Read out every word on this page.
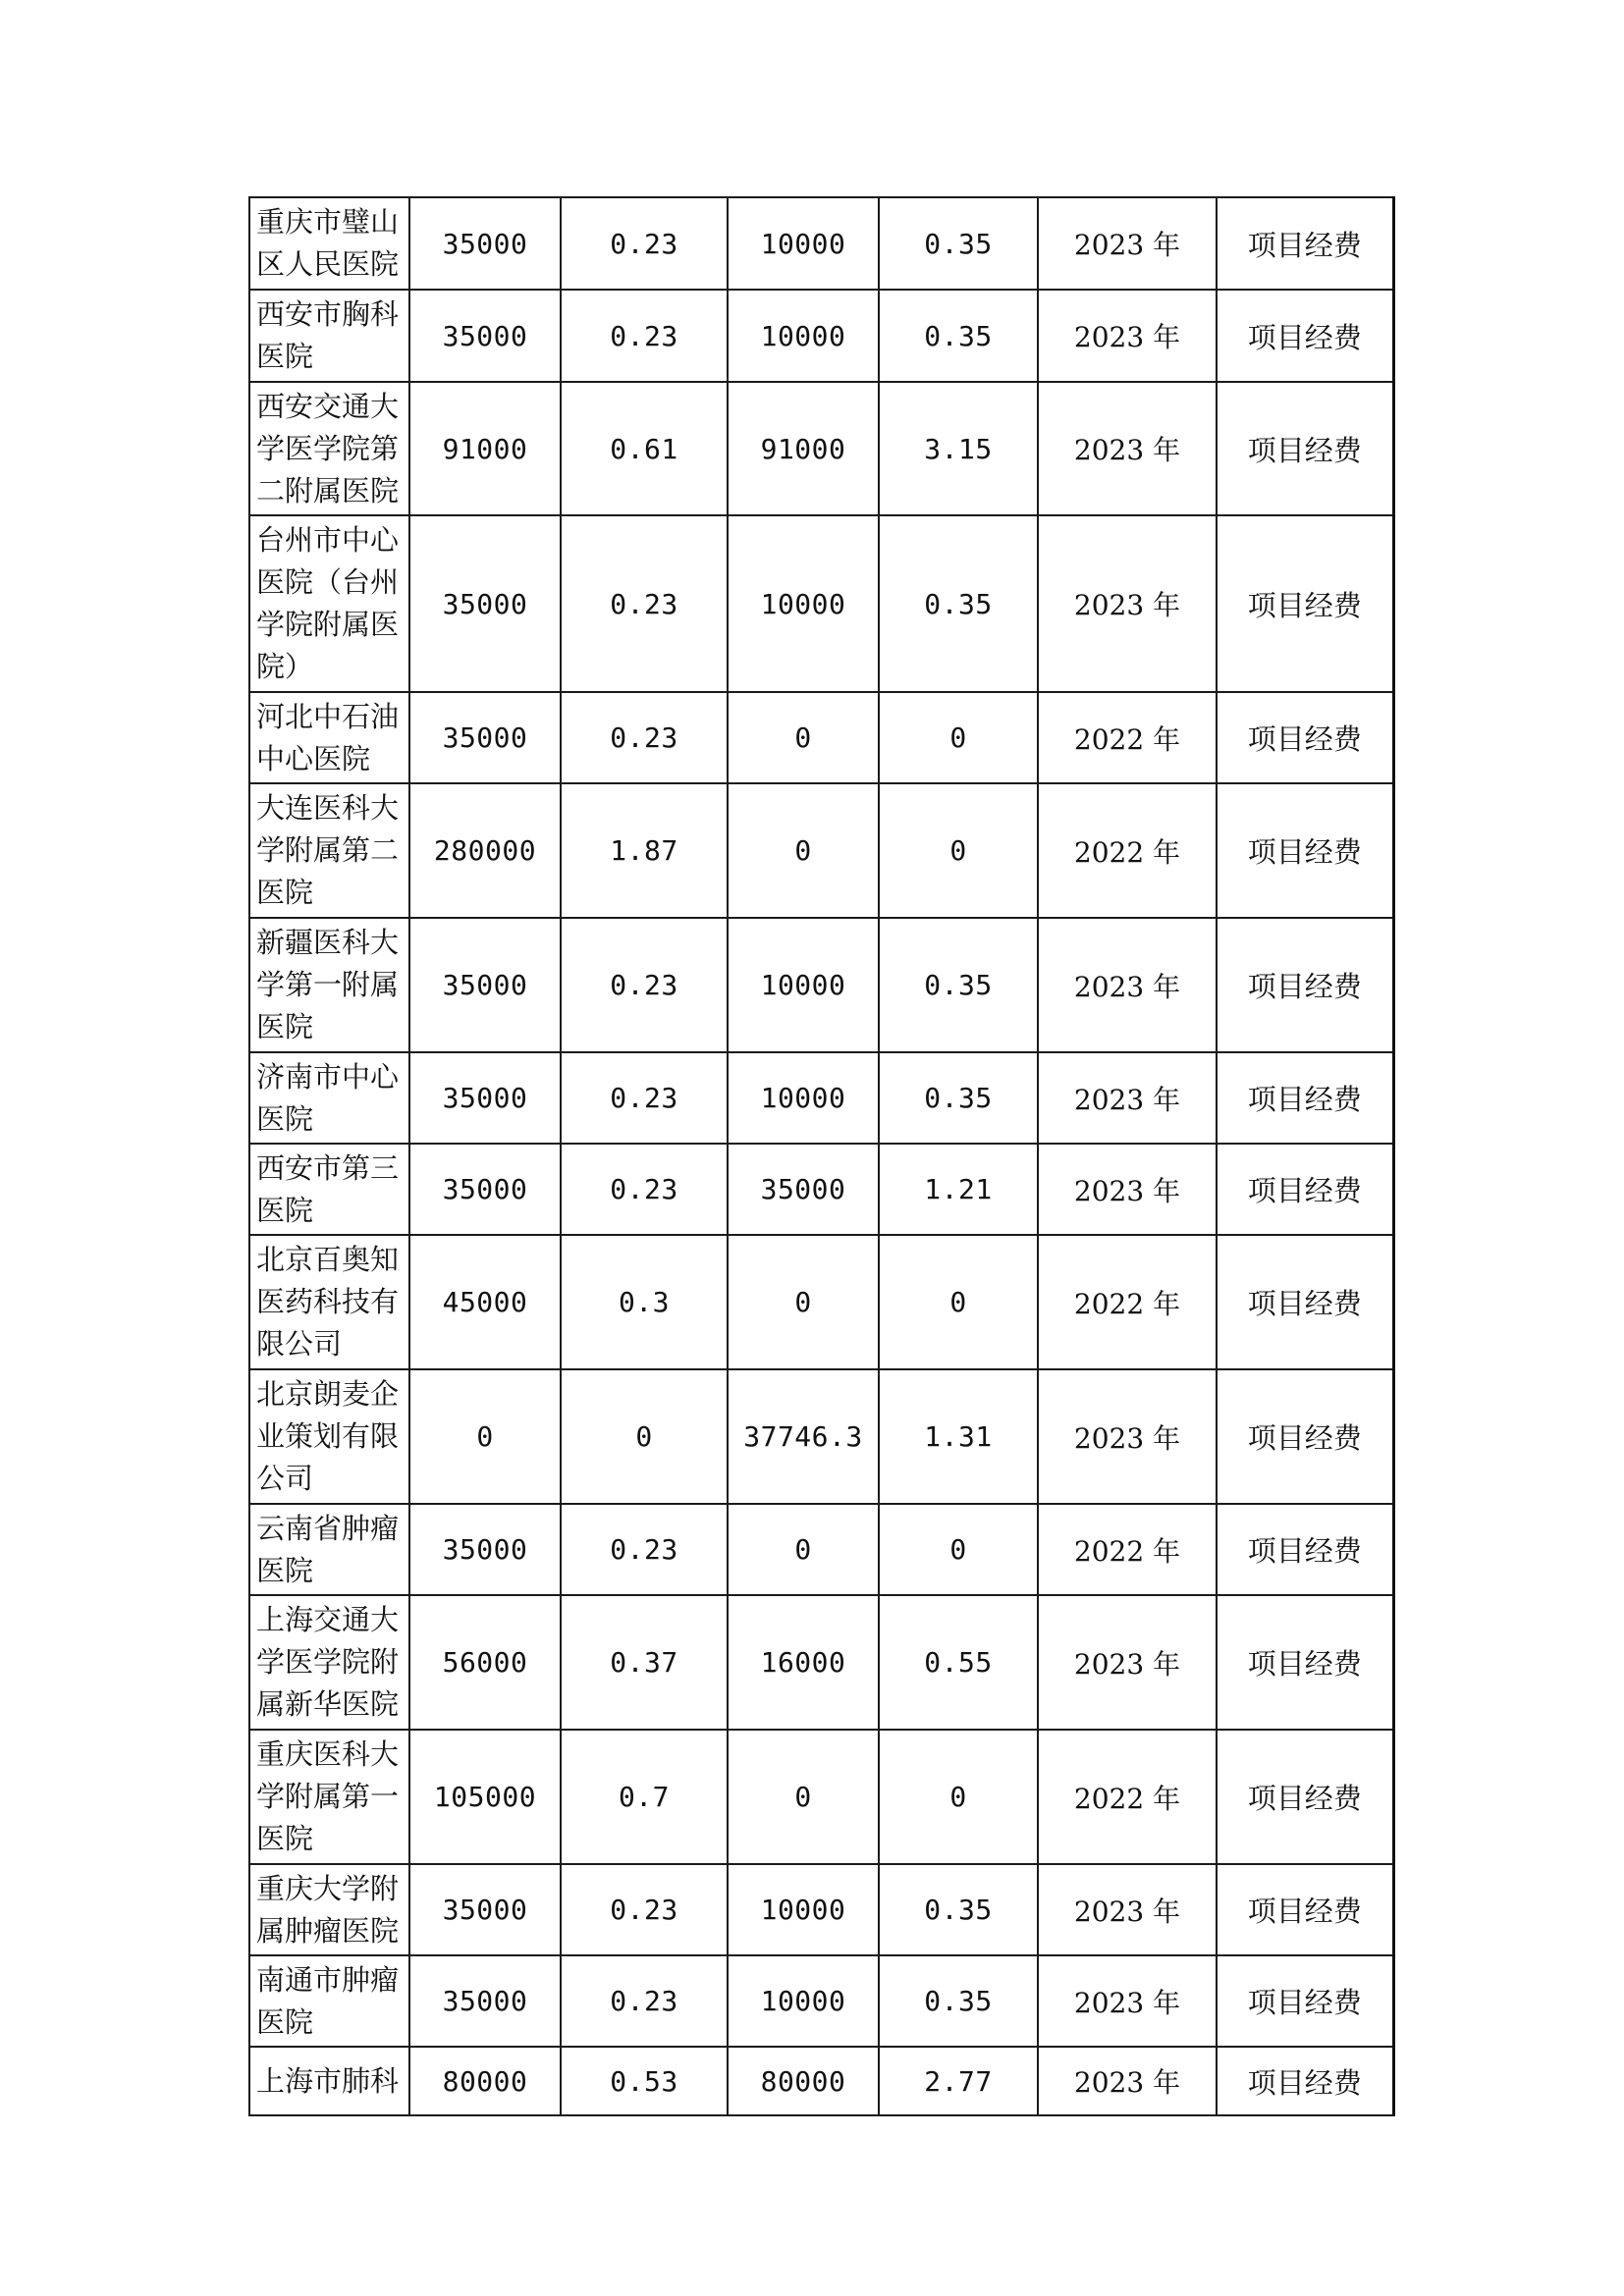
重庆市璧山区人民医院	35000	0.23	10000	0.35	2023 年	项目经费
西安市胸科医院	35000	0.23	10000	0.35	2023 年	项目经费
西安交通大学医学院第二附属医院	91000	0.61	91000	3.15	2023 年	项目经费
台州市中心医院（台州学院附属医院）	35000	0.23	10000	0.35	2023 年	项目经费
河北中石油中心医院	35000	0.23	0	0	2022 年	项目经费
大连医科大学附属第二医院	280000	1.87	0	0	2022 年	项目经费
新疆医科大学第一附属医院	35000	0.23	10000	0.35	2023 年	项目经费
济南市中心医院	35000	0.23	10000	0.35	2023 年	项目经费
西安市第三医院	35000	0.23	35000	1.21	2023 年	项目经费
北京百奥知医药科技有限公司	45000	0.3	0	0	2022 年	项目经费
北京朗麦企业策划有限公司	0	0	37746.3	1.31	2023 年	项目经费
云南省肿瘤医院	35000	0.23	0	0	2022 年	项目经费
上海交通大学医学院附属新华医院	56000	0.37	16000	0.55	2023 年	项目经费
重庆医科大学附属第一医院	105000	0.7	0	0	2022 年	项目经费
重庆大学附属肿瘤医院	35000	0.23	10000	0.35	2023 年	项目经费
南通市肿瘤医院	35000	0.23	10000	0.35	2023 年	项目经费
上海市肺科	80000	0.53	80000	2.77	2023 年	项目经费
